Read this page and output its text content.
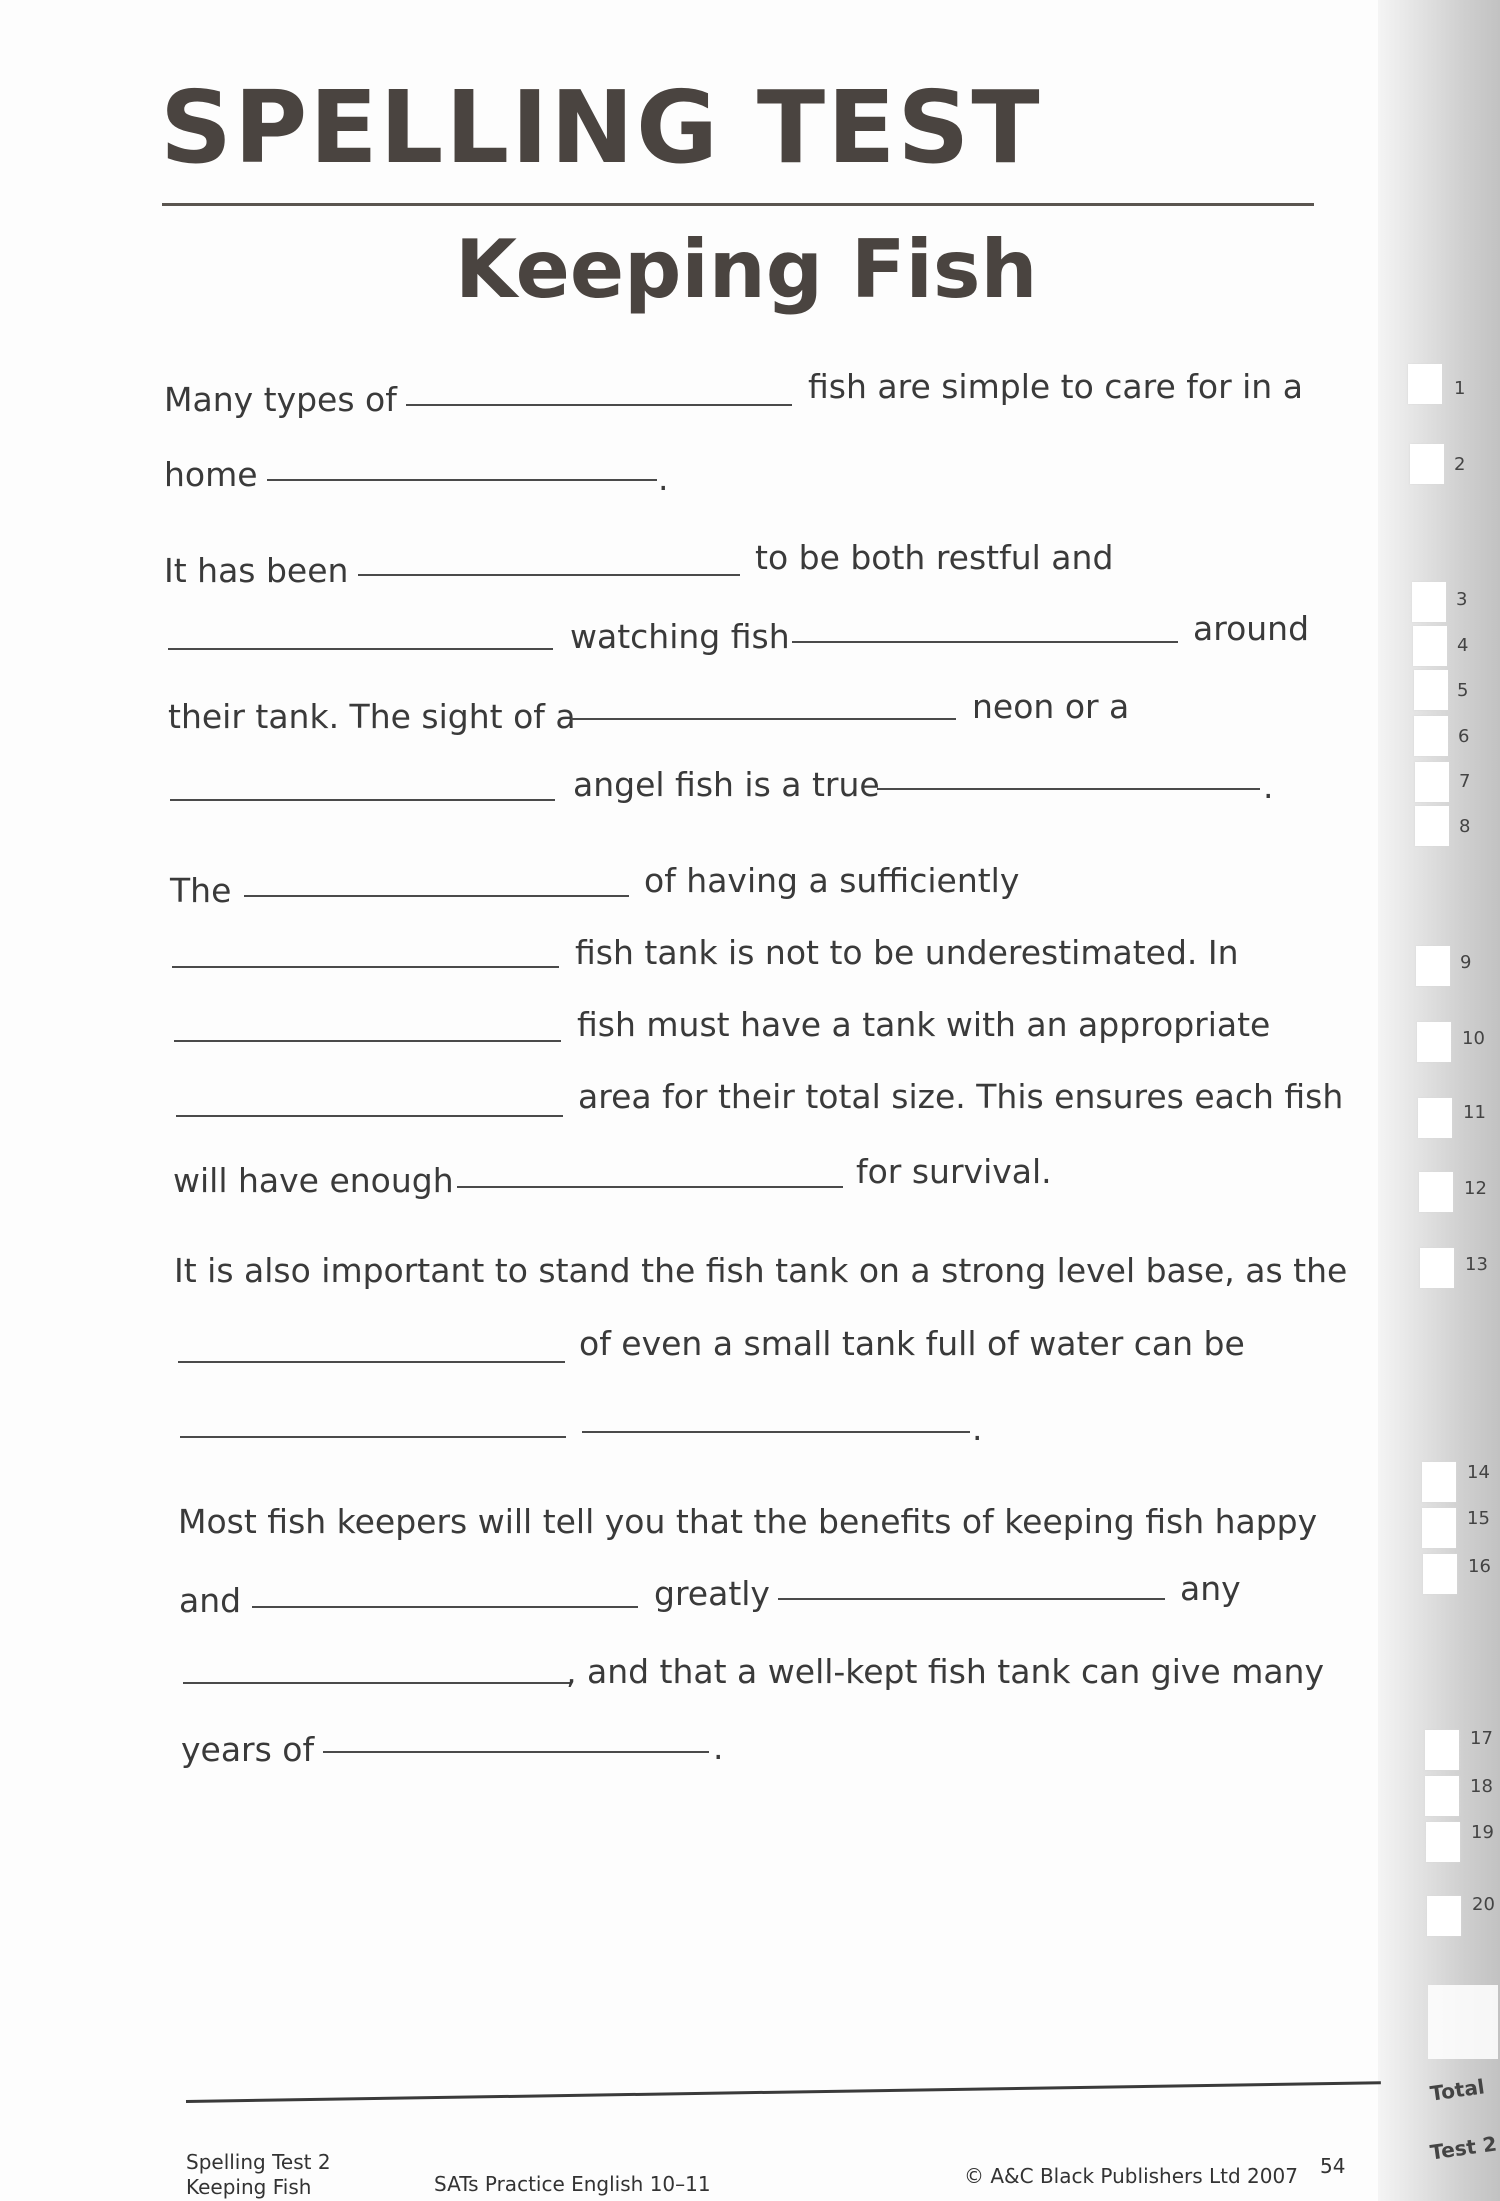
SPELLING TEST
Keeping Fish
Many types of	fish are simple to care for in a
home	.
It has been	to be both restful and
watching fish	around
their tank. The sight of a	neon or a
angel fish is a true	.
The	of having a sufficiently
fish tank is not to be underestimated. In
fish must have a tank with an appropriate
area for their total size. This ensures each fish
will have enough	for survival.
It is also important to stand the fish tank on a strong level base, as the
of even a small tank full of water can be
.
Most fish keepers will tell you that the benefits of keeping fish happy
and	greatly	any
, and that a well-kept fish tank can give many
years of	.
1
2
3
4
5
6
7
8
9
10
11
12
13
14
15
16
17
18
19
20
Total
Test 2
Spelling Test 2
Keeping Fish	SATs Practice English 10–11	© A&C Black Publishers Ltd 2007 54
